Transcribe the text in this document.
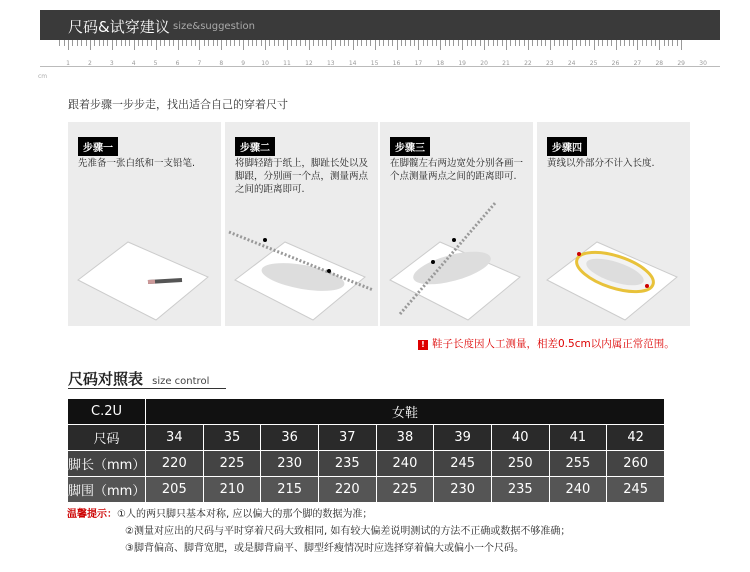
尺码&试穿建议 size&suggestion
cm
1	2	3	4	5	6	7	8	9	10	11	12	13	14	15	16	17	18	19	20	21	22	23	24	25	26	27	28	29	30
跟着步骤一步步走，找出适合自己的穿着尺寸
步骤一
先准备一张白纸和一支铅笔.
步骤二
将脚轻踏于纸上，脚趾长处以及脚跟，分别画一个点，测量两点之间的距离即可.
步骤三
在脚髋左右两边宽处分别各画一个点测量两点之间的距离即可.
步骤四
黄线以外部分不计入长度.
! 鞋子长度因人工测量，相差0.5cm以内属正常范围。
尺码对照表 size control
C.2U	女鞋								
尺码	34	35	36	37	38	39	40	41	42
脚长（mm）	220	225	230	235	240	245	250	255	260
脚围（mm）	205	210	215	220	225	230	235	240	245
温馨提示：①人的两只脚只基本对称, 应以偏大的那个脚的数据为准；
②测量对应出的尺码与平时穿着尺码大致相同, 如有较大偏差说明测试的方法不正确或数据不够准确；
③脚背偏高、脚背宽肥，或是脚背扁平、脚型纤瘦情况时应选择穿着偏大或偏小一个尺码。
